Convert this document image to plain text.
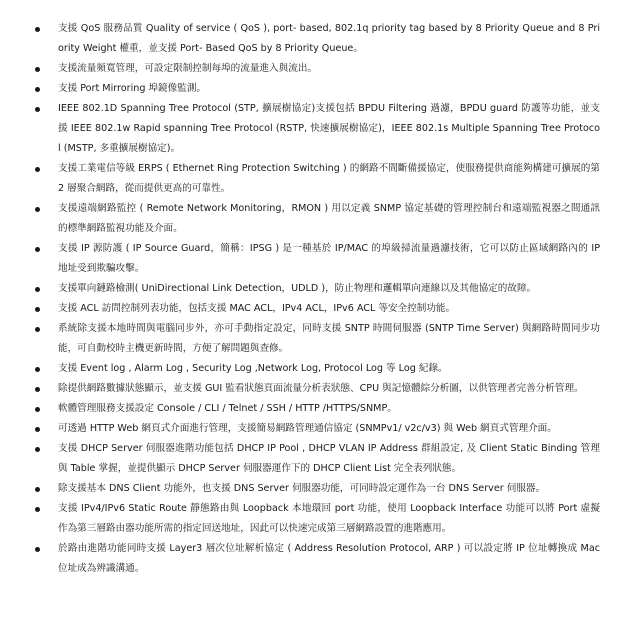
支援 QoS 服務品質 Quality of service ( QoS ), port- based, 802.1q priority tag based by 8 Priority Queue and 8 Priority Weight 權重，並支援 Port- Based QoS by 8 Priority Queue。
支援流量頻寬管理，可設定限制控制每埠的流量進入與流出。
支援 Port Mirroring 埠鏡像監測。
IEEE 802.1D Spanning Tree Protocol (STP, 擴展樹協定)支援包括 BPDU Filtering 過濾，BPDU guard 防護等功能，並支援 IEEE 802.1w Rapid spanning Tree Protocol (RSTP, 快速擴展樹協定)，IEEE 802.1s Multiple Spanning Tree Protocol (MSTP, 多重擴展樹協定)。
支援工業電信等級 ERPS ( Ethernet Ring Protection Switching ) 的網路不間斷備援協定，使服務提供商能夠構建可擴展的第 2 層聚合網路，從而提供更高的可靠性。
支援遠端網路監控 ( Remote Network Monitoring，RMON ) 用以定義 SNMP 協定基礎的管理控制台和遠端監視器之間通訊的標準網路監視功能及介面。
支援 IP 源防護 ( IP Source Guard，簡稱：IPSG ) 是一種基於 IP/MAC 的埠級掃流量過濾技術，它可以防止區域網路內的 IP 地址受到欺騙攻擊。
支援單向鏈路檢測( UniDirectional Link Detection，UDLD )，防止物理和邏輯單向連線以及其他協定的故障。
支援 ACL 訪問控制列表功能，包括支援 MAC ACL，IPv4 ACL，IPv6 ACL 等安全控制功能。
系統除支援本地時間與電腦同步外，亦可手動指定設定，同時支援 SNTP 時間伺服器 (SNTP Time Server) 與網路時間同步功能，可自動校時主機更新時間，方便了解問題與查修。
支援 Event log , Alarm Log , Security Log ,Network Log, Protocol Log 等 Log 紀錄。
除提供網路數據狀態顯示，並支援 GUI 監看狀態頁面流量分析表狀態、CPU 與記憶體綜分析圖，以供管理者完善分析管理。
軟體管理服務支援設定 Console / CLI / Telnet / SSH / HTTP /HTTPS/SNMP。
可透過 HTTP Web 網頁式介面進行管理，支援簡易網路管理通信協定 (SNMPv1/ v2c/v3) 與 Web 網頁式管理介面。
支援 DHCP Server 伺服器進階功能包括 DHCP IP Pool , DHCP VLAN IP Address 群組設定, 及 Client Static Binding 管理與 Table 掌握，並提供顯示 DHCP Server 伺服器運作下的 DHCP Client List 完全表列狀態。
除支援基本 DNS Client 功能外，也支援 DNS Server 伺服器功能，可同時設定運作為一台 DNS Server 伺服器。
支援 IPv4/IPv6 Static Route 靜態路由與 Loopback 本地環回 port 功能，使用 Loopback Interface 功能可以將 Port 虛擬作為第三層路由器功能所需的指定回送地址，因此可以快速完成第三層網路設置的進階應用。
於路由進階功能同時支援 Layer3 層次位址解析協定 ( Address Resolution Protocol, ARP ) 可以設定將 IP 位址轉換成 Mac 位址成為辨識溝通。
